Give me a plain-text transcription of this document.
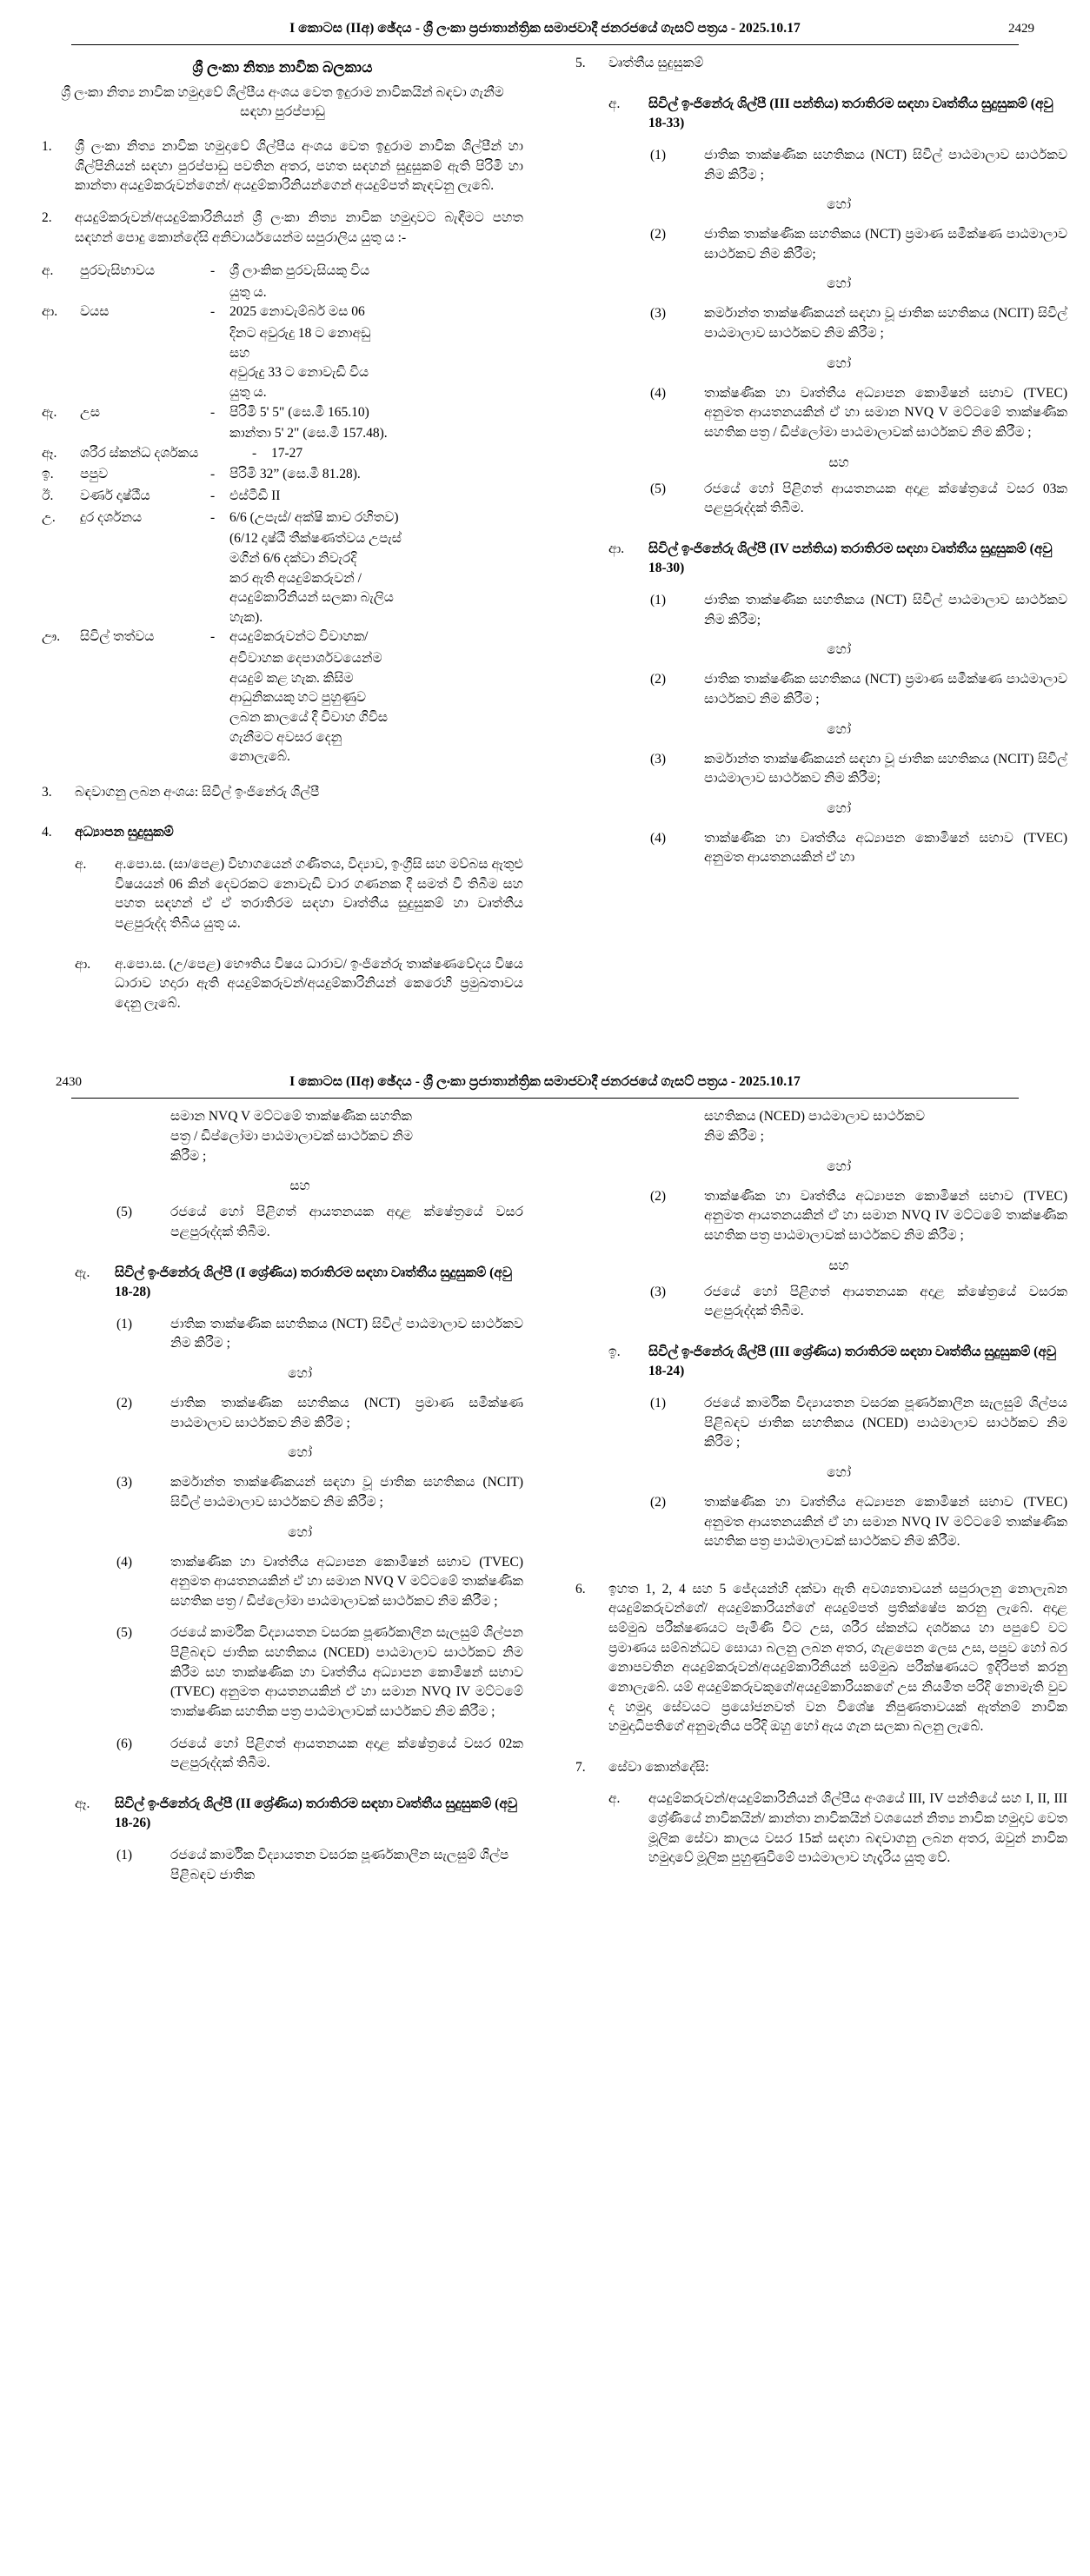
I කොටස (IIඅ) ඡේදය - ශ්‍රී ලංකා ප්‍රජාතාන්ත්‍රික සමාජවාදී ජනරජයේ ගැසට් පත්‍රය - 2025.10.17	2429
ශ්‍රී ලංකා නිත්‍ය නාවික බලකාය
ශ්‍රී ලංකා නිත්‍ය නාවික හමුදාවේ ශිල්පීය අංශය වෙත ඉදුරාම නාවිකයින් බඳවා ගැනීම සඳහා පුරප්පාඩු
1.	ශ්‍රී ලංකා නිත්‍ය නාවික හමුදාවේ ශිල්පීය අංශය වෙත ඉදුරාම නාවික ශිල්පීන් හා ශිල්පිනියන් සඳහා පුරප්පාඩු පවතින අතර, පහත සඳහන් සුදුසුකම් ඇති පිරිමි හා කාන්තා අයදුම්කරුවන්ගෙන්/ අයදුම්කාරිනියන්ගෙන් අයදුම්පත් කැඳවනු ලැබේ.
2.	අයදුම්කරුවන්/අයදුම්කාරිනියන් ශ්‍රී ලංකා නිත්‍ය නාවික හමුදාවට බැඳීමට පහත සඳහන් පොදු කොන්දේසි අනිවාර්යයෙන්ම සපුරාලිය යුතු ය :-
අ.	පුරවැසිභාවය	-	ශ්‍රී ලාංකික පුරවැසියකු විය
යුතු ය.
ආ.	වයස	-	2025 නොවැම්බර් මස 06
දිනට අවුරුදු 18 ට නොඅඩු
සහ
අවුරුදු 33 ට නොවැඩි විය
යුතු ය.
ඇ.	උස	-	පිරිමි 5' 5" (සෙ.මී 165.10)
කාන්තා 5' 2" (සෙ.මී 157.48).
ඈ.	ශරීර ස්කන්ධ දර්ශකය	-	17-27
ඉ.	පපුව	-	පිරිමි 32” (සෙ.මී 81.28).
ඊ.	වර්ණ දෘෂ්ඨීය	-	එස්ටීඩී II
උ.	දුර දර්ශනය	-	6/6 (උපැස්/ අක්ෂි කාච රහිතව)
(6/12 දෘෂ්ඨී තීක්ෂණත්වය උපැස්
මගින් 6/6 දක්වා නිවැරදි
කර ඇති අයදුම්කරුවන් /
අයදුම්කාරිනියන් සලකා බැලිය
හැක).
ඌ.	සිවිල් තත්වය	-	අයදුම්කරුවන්ට විවාහක/
අවිවාහක දෙපාර්ශවයෙන්ම
අයදුම් කළ හැක. කිසිම
ආධුනිකයකු හට පුහුණුව
ලබන කාලයේ දී විවාහ ගිවිස
ගැනීමට අවසර දෙනු
නොලැබේ.
3.	බඳවාගනු ලබන අංශය: සිවිල් ඉංජිනේරු ශිල්පී
4.	අධ්‍යාපන සුදුසුකම්
අ.	අ.පො.ස. (සා/පෙළ) විභාගයෙන් ගණිතය, විද්‍යාව, ඉංග්‍රීසි සහ මව්බස ඇතුළු විෂයයන් 06 කින් දෙවරකට නොවැඩි වාර ගණනක දී සමත් වී තිබීම සහ පහත සඳහන් ඒ ඒ තරාතිරම සඳහා වෘත්තීය සුදුසුකම් හා වෘත්තීය පළපුරුද්ද තිබිය යුතු ය.
ආ.	අ.පො.ස. (උ/පෙළ) භෞතිය විෂය ධාරාව/ ඉංජිනේරු තාක්ෂණවේදය විෂය ධාරාව හදාරා ඇති අයදුම්කරුවන්/අයදුම්කාරිනියන් කෙරෙහි ප්‍රමුඛතාවය දෙනු ලැබේ.
5.	වෘත්තීය සුදුසුකම්
අ.	සිවිල් ඉංජිනේරු ශිල්පී (III පන්තිය) තරාතිරම සඳහා වෘත්තීය සුදුසුකම් (අවු 18-33)
(1)	ජාතික තාක්ෂණික සහතිකය (NCT) සිවිල් පාඨමාලාව සාර්ථකව නිම කිරීම ;
හෝ
(2)	ජාතික තාක්ෂණික සහතිකය (NCT) ප්‍රමාණ සමීක්ෂණ පාඨමාලාව සාර්ථකව නිම කිරීම;
හෝ
(3)	කර්මාන්ත තාක්ෂණිකයන් සඳහා වූ ජාතික සහතිකය (NCIT) සිවිල් පාඨමාලාව සාර්ථකව නිම කිරීම ;
හෝ
(4)	තාක්ෂණික හා වෘත්තීය අධ්‍යාපන කොමිෂන් සභාව (TVEC) අනුමත ආයතනයකින් ඒ හා සමාන NVQ V මට්ටමේ තාක්ෂණික සහතික පත්‍ර / ඩිප්ලෝමා පාඨමාලාවක් සාර්ථකව නිම කිරීම ;
සහ
(5)	රජයේ හෝ පිළිගත් ආයතනයක අදාළ ක්ෂේත්‍රයේ වසර 03ක පළපුරුද්දක් තිබීම.
ආ.	සිවිල් ඉංජිනේරු ශිල්පී (IV පන්තිය) තරාතිරම සඳහා වෘත්තීය සුදුසුකම් (අවු 18-30)
(1)	ජාතික තාක්ෂණික සහතිකය (NCT) සිවිල් පාඨමාලාව සාර්ථකව නිම කිරීම;
හෝ
(2)	ජාතික තාක්ෂණික සහතිකය (NCT) ප්‍රමාණ සමීක්ෂණ පාඨමාලාව සාර්ථකව නිම කිරීම ;
හෝ
(3)	කර්මාන්ත තාක්ෂණිකයන් සඳහා වූ ජාතික සහතිකය (NCIT) සිවිල් පාඨමාලාව සාර්ථකව නිම කිරීම;
හෝ
(4)	තාක්ෂණික හා වෘත්තීය අධ්‍යාපන කොමිෂන් සභාව (TVEC) අනුමත ආයතනයකින් ඒ හා
2430	I කොටස (IIඅ) ඡේදය - ශ්‍රී ලංකා ප්‍රජාතාන්ත්‍රික සමාජවාදී ජනරජයේ ගැසට් පත්‍රය - 2025.10.17
සමාන NVQ V මට්ටමේ තාක්ෂණික සහතික
පත්‍ර / ඩිප්ලෝමා පාඨමාලාවක් සාර්ථකව නිම
කිරීම ;
සහ
(5)	රජයේ හෝ පිළිගත් ආයතනයක අදාළ ක්ෂේත්‍රයේ වසර පළපුරුද්දක් තිබීම.
ඇ.	සිවිල් ඉංජිනේරු ශිල්පී (I ශ්‍රේණිය) තරාතිරම සඳහා වෘත්තීය සුදුසුකම් (අවු 18-28)
(1)	ජාතික තාක්ෂණික සහතිකය (NCT) සිවිල් පාඨමාලාව සාර්ථකව නිම කිරීම ;
හෝ
(2)	ජාතික තාක්ෂණික සහතිකය (NCT) ප්‍රමාණ සමීක්ෂණ පාඨමාලාව සාර්ථකව නිම කිරීම ;
හෝ
(3)	කර්මාන්ත තාක්ෂණිකයන් සඳහා වූ ජාතික සහතිකය (NCIT) සිවිල් පාඨමාලාව සාර්ථකව නිම කිරීම ;
හෝ
(4)	තාක්ෂණික හා වෘත්තීය අධ්‍යාපන කොමිෂන් සභාව (TVEC) අනුමත ආයතනයකින් ඒ හා සමාන NVQ V මට්ටමේ තාක්ෂණික සහතික පත්‍ර / ඩිප්ලෝමා පාඨමාලාවක් සාර්ථකව නිම කිරීම ;
(5)	රජයේ කාර්මික විද්‍යායතන වසරක පූර්ණකාලීන සැලසුම් ශිල්පන පිළිබඳව ජාතික සහතිකය (NCED) පාඨමාලාව සාර්ථකව නිම කිරීම සහ තාක්ෂණික හා වෘත්තීය අධ්‍යාපන කොමිෂන් සභාව (TVEC) අනුමත ආයතනයකින් ඒ හා සමාන NVQ IV මට්ටමේ තාක්ෂණික සහතික පත්‍ර පාඨමාලාවක් සාර්ථකව නිම කිරීම ;
(6)	රජයේ හෝ පිළිගත් ආයතනයක අදාළ ක්ෂේත්‍රයේ වසර 02ක පළපුරුද්දක් තිබීම.
ඈ.	සිවිල් ඉංජිනේරු ශිල්පී (II ශ්‍රේණිය) තරාතිරම සඳහා වෘත්තීය සුදුසුකම් (අවු 18-26)
(1)	රජයේ කාර්මික විද්‍යායතන වසරක පූර්ණකාලීන සැලසුම් ශිල්ප පිළිබඳව ජාතික
සහතිකය (NCED) පාඨමාලාව සාර්ථකව
නිම කිරීම ;
හෝ
(2)	තාක්ෂණික හා වෘත්තීය අධ්‍යාපන කොමිෂන් සභාව (TVEC) අනුමත ආයතනයකින් ඒ හා සමාන NVQ IV මට්ටමේ තාක්ෂණික සහතික පත්‍ර පාඨමාලාවක් සාර්ථකව නිම කිරීම ;
සහ
(3)	රජයේ හෝ පිළිගත් ආයතනයක අදාළ ක්ෂේත්‍රයේ වසරක පළපුරුද්දක් තිබීම.
ඉ.	සිවිල් ඉංජිනේරු ශිල්පී (III ශ්‍රේණිය) තරාතිරම සඳහා වෘත්තීය සුදුසුකම් (අවු 18-24)
(1)	රජයේ කාර්මික විද්‍යායතන වසරක පූර්ණකාලීන සැලසුම් ශිල්පය පිළිබඳව ජාතික සහතිකය (NCED) පාඨමාලාව සාර්ථකව නිම කිරීම ;
හෝ
(2)	තාක්ෂණික හා වෘත්තීය අධ්‍යාපන කොමිෂන් සභාව (TVEC) අනුමත ආයතනයකින් ඒ හා සමාන NVQ IV මට්ටමේ තාක්ෂණික සහතික පත්‍ර පාඨමාලාවක් සාර්ථකව නිම කිරීම.
6.	ඉහත 1, 2, 4 සහ 5 ජේදයන්හි දක්වා ඇති අවශ්‍යතාවයන් සපුරාලනු නොලැබන අයදුම්කරුවන්ගේ/ අයදුම්කාරියන්ගේ අයදුම්පත් ප්‍රතික්ෂේප කරනු ලැබේ. අදාළ සම්මුඛ පරීක්ෂණයට පැමිණි විට උස, ශරීර ස්කන්ධ දර්ශකය හා පපුවේ වට ප්‍රමාණය සම්බන්ධව සොයා බලනු ලබන අතර, ගැළපෙන ලෙස උස, පපුව හෝ බර නොපවතින අයදුම්කරුවන්/අයදුම්කාරිනියන් සම්මුඛ පරීක්ෂණයට ඉදිරිපත් කරනු නොලැබේ. යම් අයදුම්කරුවකුගේ/අයදුම්කාරියකගේ උස නියමිත පරිදි නොමැති වුව ද හමුදා සේවයට ප්‍රයෝජනවත් වන විශේෂ නිපුණතාවයක් ඇත්නම් නාවික හමුදාධිපතිගේ අනුමැතිය පරිදි ඔහු හෝ ඇය ගැන සලකා බලනු ලැබේ.
7.	සේවා කොන්දේසි:
අ.	අයදුම්කරුවන්/අයදුම්කාරිනියන් ශිල්පීය අංශයේ III, IV පන්තියේ සහ I, II, III ශ්‍රේණියේ නාවිකයින්/ කාන්තා නාවිකයින් වශයෙන් නිත්‍ය නාවික හමුදාව වෙත මූලික සේවා කාලය වසර 15ක් සඳහා බඳවාගනු ලබන අතර, ඔවුන් නාවික හමුදාවේ මූලික පුහුණුවීමේ පාඨමාලාව හැදෑරිය යුතු වේ.
